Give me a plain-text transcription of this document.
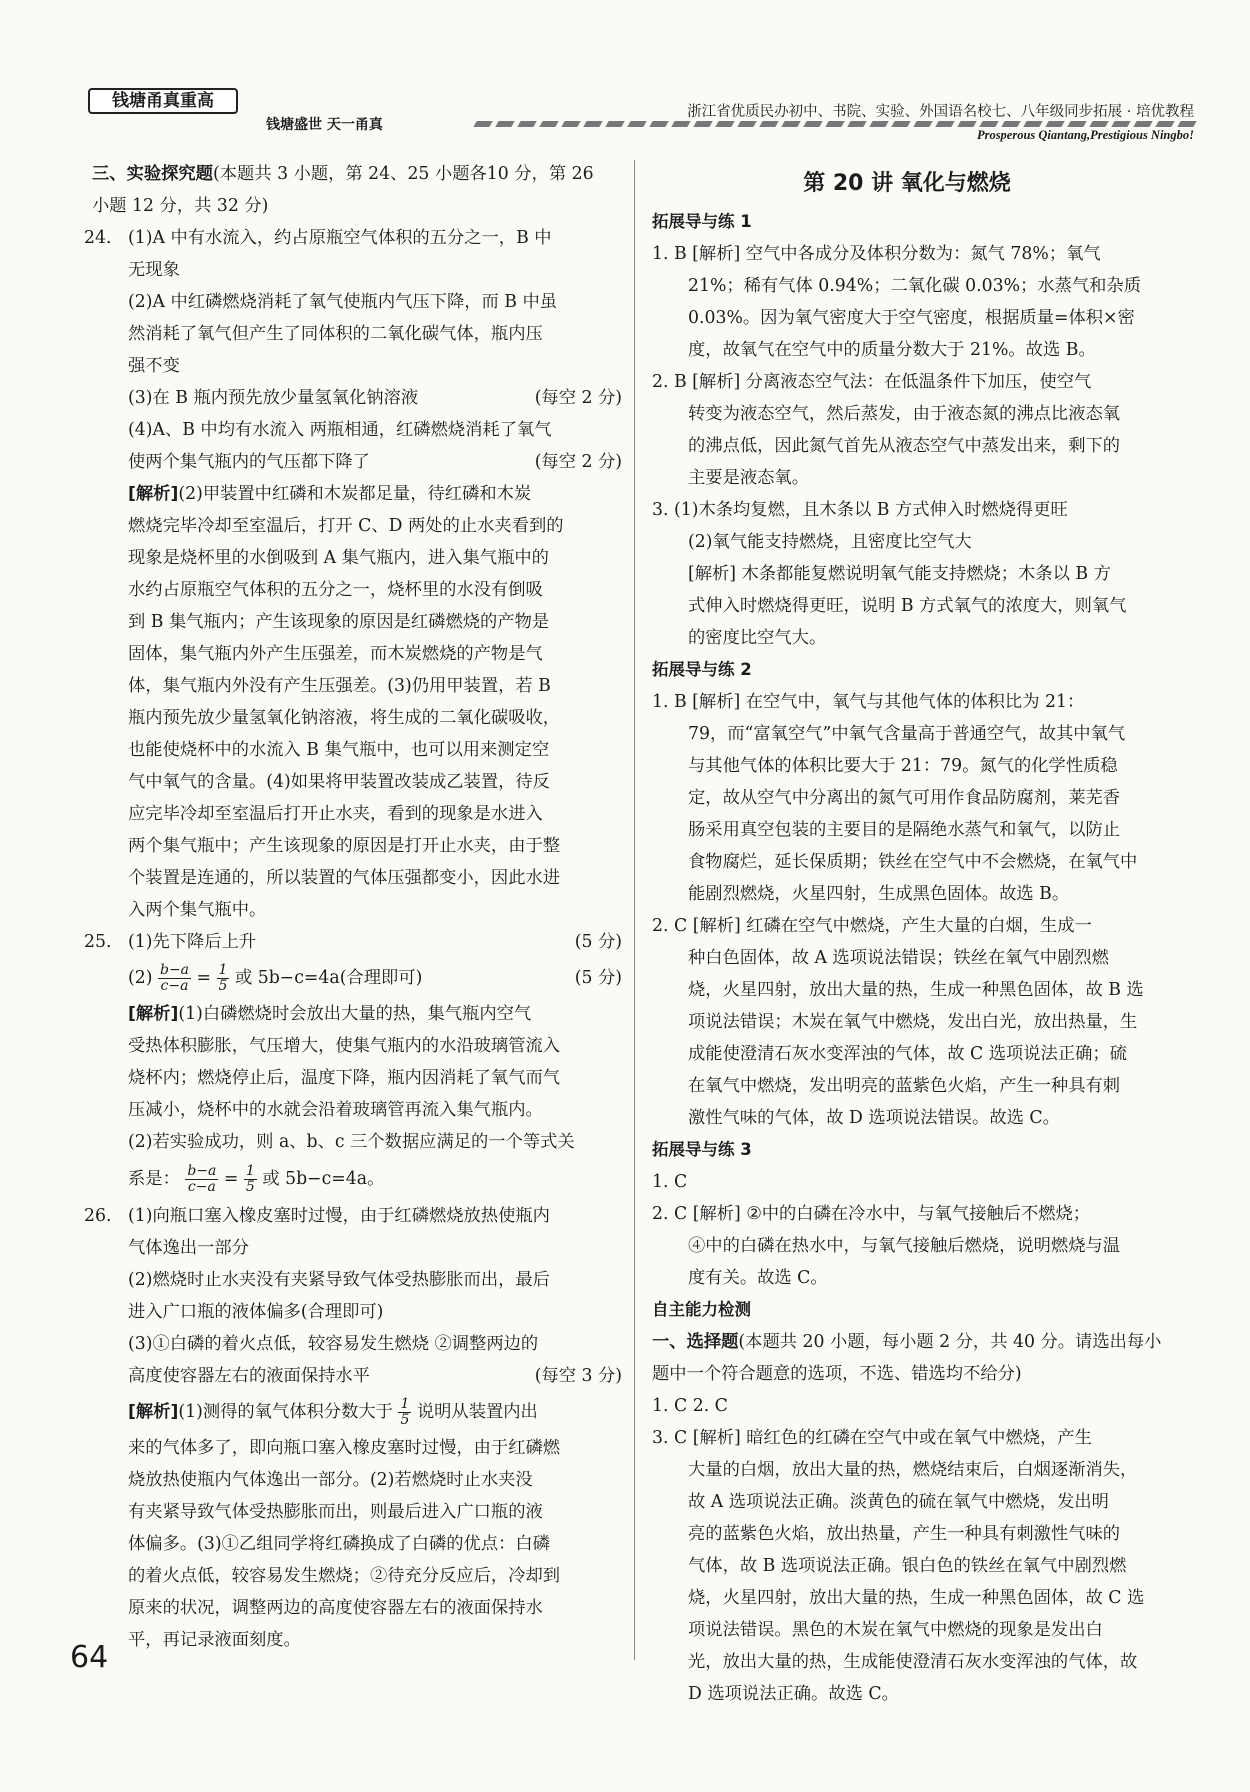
钱塘甬真重高
钱塘盛世 天一甬真
浙江省优质民办初中、书院、实验、外国语名校七、八年级同步拓展 · 培优教程
Prosperous Qiantang,Prestigious Ningbo!
三、实验探究题(本题共 3 小题，第 24、25 小题各10 分，第 26
小题 12 分，共 32 分)
24. (1)A 中有水流入，约占原瓶空气体积的五分之一，B 中
无现象
(2)A 中红磷燃烧消耗了氧气使瓶内气压下降，而 B 中虽
然消耗了氧气但产生了同体积的二氧化碳气体，瓶内压
强不变
(3)在 B 瓶内预先放少量氢氧化钠溶液	(每空 2 分)
(4)A、B 中均有水流入 两瓶相通，红磷燃烧消耗了氧气
使两个集气瓶内的气压都下降了	(每空 2 分)
[解析](2)甲装置中红磷和木炭都足量，待红磷和木炭
燃烧完毕冷却至室温后，打开 C、D 两处的止水夹看到的
现象是烧杯里的水倒吸到 A 集气瓶内，进入集气瓶中的
水约占原瓶空气体积的五分之一，烧杯里的水没有倒吸
到 B 集气瓶内；产生该现象的原因是红磷燃烧的产物是
固体，集气瓶内外产生压强差，而木炭燃烧的产物是气
体，集气瓶内外没有产生压强差。(3)仍用甲装置，若 B
瓶内预先放少量氢氧化钠溶液，将生成的二氧化碳吸收，
也能使烧杯中的水流入 B 集气瓶中，也可以用来测定空
气中氧气的含量。(4)如果将甲装置改装成乙装置，待反
应完毕冷却至室温后打开止水夹，看到的现象是水进入
两个集气瓶中；产生该现象的原因是打开止水夹，由于整
个装置是连通的，所以装置的气体压强都变小，因此水进
入两个集气瓶中。
25. (1)先下降后上升	(5 分)
$(2) \frac{b-a}{c-a} = \frac{1}{5}$ 或 5b−c=4a(合理即可)	(5 分)
[解析](1)白磷燃烧时会放出大量的热，集气瓶内空气
受热体积膨胀，气压增大，使集气瓶内的水沿玻璃管流入
烧杯内；燃烧停止后，温度下降，瓶内因消耗了氧气而气
压减小，烧杯中的水就会沿着玻璃管再流入集气瓶内。
(2)若实验成功，则 a、b、c 三个数据应满足的一个等式关
系是： $\frac{b-a}{c-a} = \frac{1}{5}$ 或 5b−c=4a。
26. (1)向瓶口塞入橡皮塞时过慢，由于红磷燃烧放热使瓶内
气体逸出一部分
(2)燃烧时止水夹没有夹紧导致气体受热膨胀而出，最后
进入广口瓶的液体偏多(合理即可)
(3)①白磷的着火点低，较容易发生燃烧 ②调整两边的
高度使容器左右的液面保持水平	(每空 3 分)
[解析](1)测得的氧气体积分数大于 $\frac{1}{5}$ 说明从装置内出
来的气体多了，即向瓶口塞入橡皮塞时过慢，由于红磷燃
烧放热使瓶内气体逸出一部分。(2)若燃烧时止水夹没
有夹紧导致气体受热膨胀而出，则最后进入广口瓶的液
体偏多。(3)①乙组同学将红磷换成了白磷的优点：白磷
的着火点低，较容易发生燃烧；②待充分反应后，冷却到
原来的状况，调整两边的高度使容器左右的液面保持水
平，再记录液面刻度。
第 20 讲 氧化与燃烧
拓展导与练 1
1. B [解析] 空气中各成分及体积分数为：氮气 78%；氧气
21%；稀有气体 0.94%；二氧化碳 0.03%；水蒸气和杂质
0.03%。因为氧气密度大于空气密度，根据质量=体积×密
度，故氧气在空气中的质量分数大于 21%。故选 B。
2. B [解析] 分离液态空气法：在低温条件下加压，使空气
转变为液态空气，然后蒸发，由于液态氮的沸点比液态氧
的沸点低，因此氮气首先从液态空气中蒸发出来，剩下的
主要是液态氧。
3. (1)木条均复燃，且木条以 B 方式伸入时燃烧得更旺
(2)氧气能支持燃烧，且密度比空气大
[解析] 木条都能复燃说明氧气能支持燃烧；木条以 B 方
式伸入时燃烧得更旺，说明 B 方式氧气的浓度大，则氧气
的密度比空气大。
拓展导与练 2
1. B [解析] 在空气中，氧气与其他气体的体积比为 21：
79，而“富氧空气”中氧气含量高于普通空气，故其中氧气
与其他气体的体积比要大于 21：79。氮气的化学性质稳
定，故从空气中分离出的氮气可用作食品防腐剂，莱芜香
肠采用真空包装的主要目的是隔绝水蒸气和氧气，以防止
食物腐烂，延长保质期；铁丝在空气中不会燃烧，在氧气中
能剧烈燃烧，火星四射，生成黑色固体。故选 B。
2. C [解析] 红磷在空气中燃烧，产生大量的白烟，生成一
种白色固体，故 A 选项说法错误；铁丝在氧气中剧烈燃
烧，火星四射，放出大量的热，生成一种黑色固体，故 B 选
项说法错误；木炭在氧气中燃烧，发出白光，放出热量，生
成能使澄清石灰水变浑浊的气体，故 C 选项说法正确；硫
在氧气中燃烧，发出明亮的蓝紫色火焰，产生一种具有刺
激性气味的气体，故 D 选项说法错误。故选 C。
拓展导与练 3
1. C
2. C [解析] ②中的白磷在冷水中，与氧气接触后不燃烧；
④中的白磷在热水中，与氧气接触后燃烧，说明燃烧与温
度有关。故选 C。
自主能力检测
一、选择题(本题共 20 小题，每小题 2 分，共 40 分。请选出每小
题中一个符合题意的选项，不选、错选均不给分)
1. C 2. C
3. C [解析] 暗红色的红磷在空气中或在氧气中燃烧，产生
大量的白烟，放出大量的热，燃烧结束后，白烟逐渐消失，
故 A 选项说法正确。淡黄色的硫在氧气中燃烧，发出明
亮的蓝紫色火焰，放出热量，产生一种具有刺激性气味的
气体，故 B 选项说法正确。银白色的铁丝在氧气中剧烈燃
烧，火星四射，放出大量的热，生成一种黑色固体，故 C 选
项说法错误。黑色的木炭在氧气中燃烧的现象是发出白
光，放出大量的热，生成能使澄清石灰水变浑浊的气体，故
D 选项说法正确。故选 C。
64
